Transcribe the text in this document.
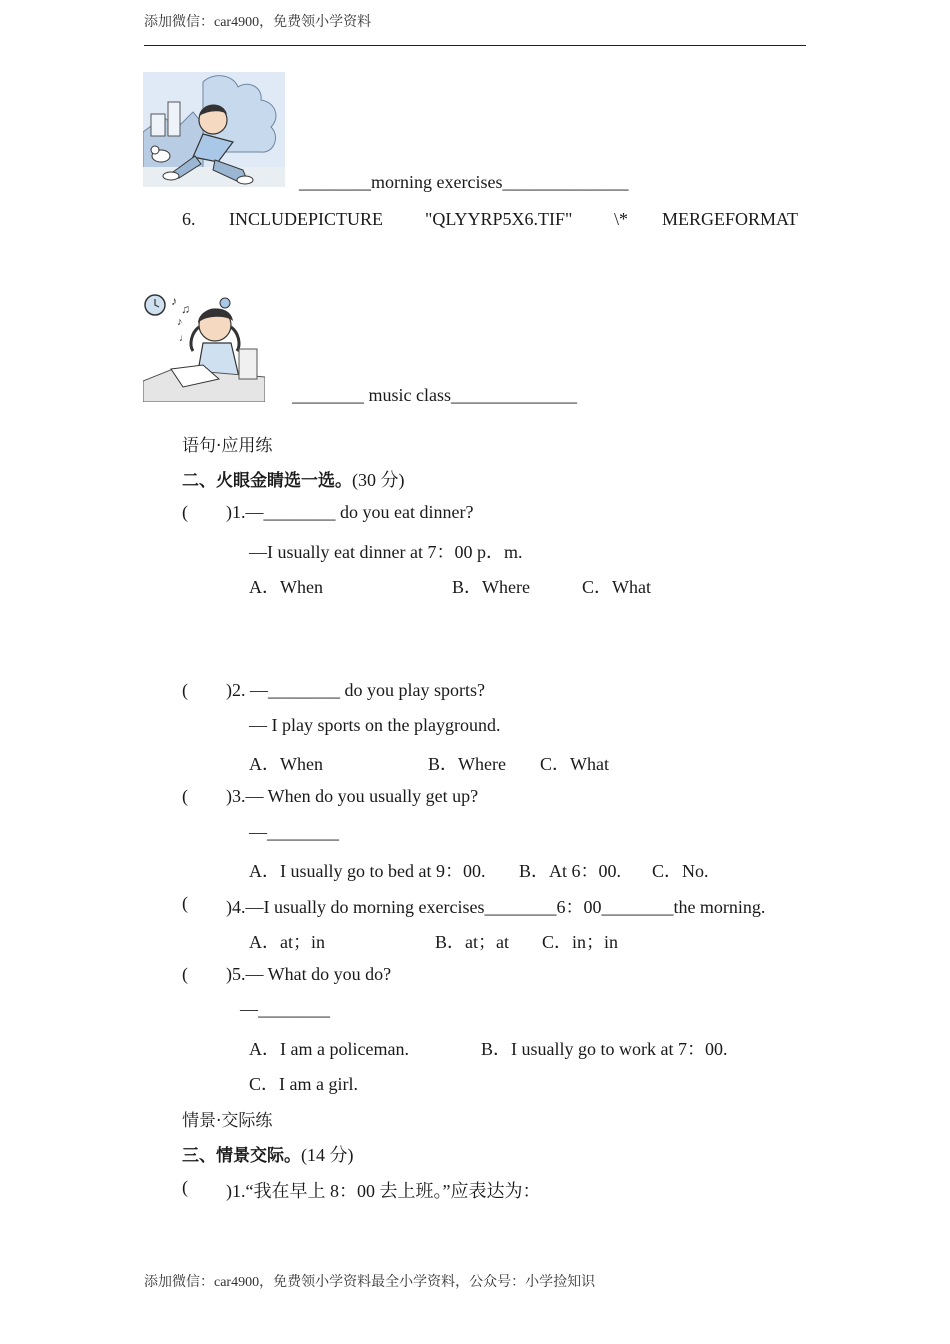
添加微信：car4900，免费领小学资料
________morning exercises______________
6. INCLUDEPICTURE "QLYYRP5X6.TIF" \* MERGEFORMAT
♪
♫
♪
♩
________ music class______________
语句·应用练
二、火眼金睛选一选。(30 分)
( )1.—________ do you eat dinner?
—I usually eat dinner at 7：00 p．m.
A．When	B．Where	C．What
( )2. —________ do you play sports?
— I play sports on the playground.
A．When	B．Where C．What
( )3.— When do you usually get up?
—________
A．I usually go to bed at 9：00. B．At 6：00. C．No.
( )4.—I usually do morning exercises________6：00________the morning.
A．at；in	B．at；at C．in；in
( )5.— What do you do?
—________
A．I am a policeman.	B．I usually go to work at 7：00.
C．I am a girl.
情景·交际练
三、情景交际。(14 分)
( )1.“我在早上 8：00 去上班。”应表达为：
添加微信：car4900，免费领小学资料最全小学资料，公众号：小学捡知识
